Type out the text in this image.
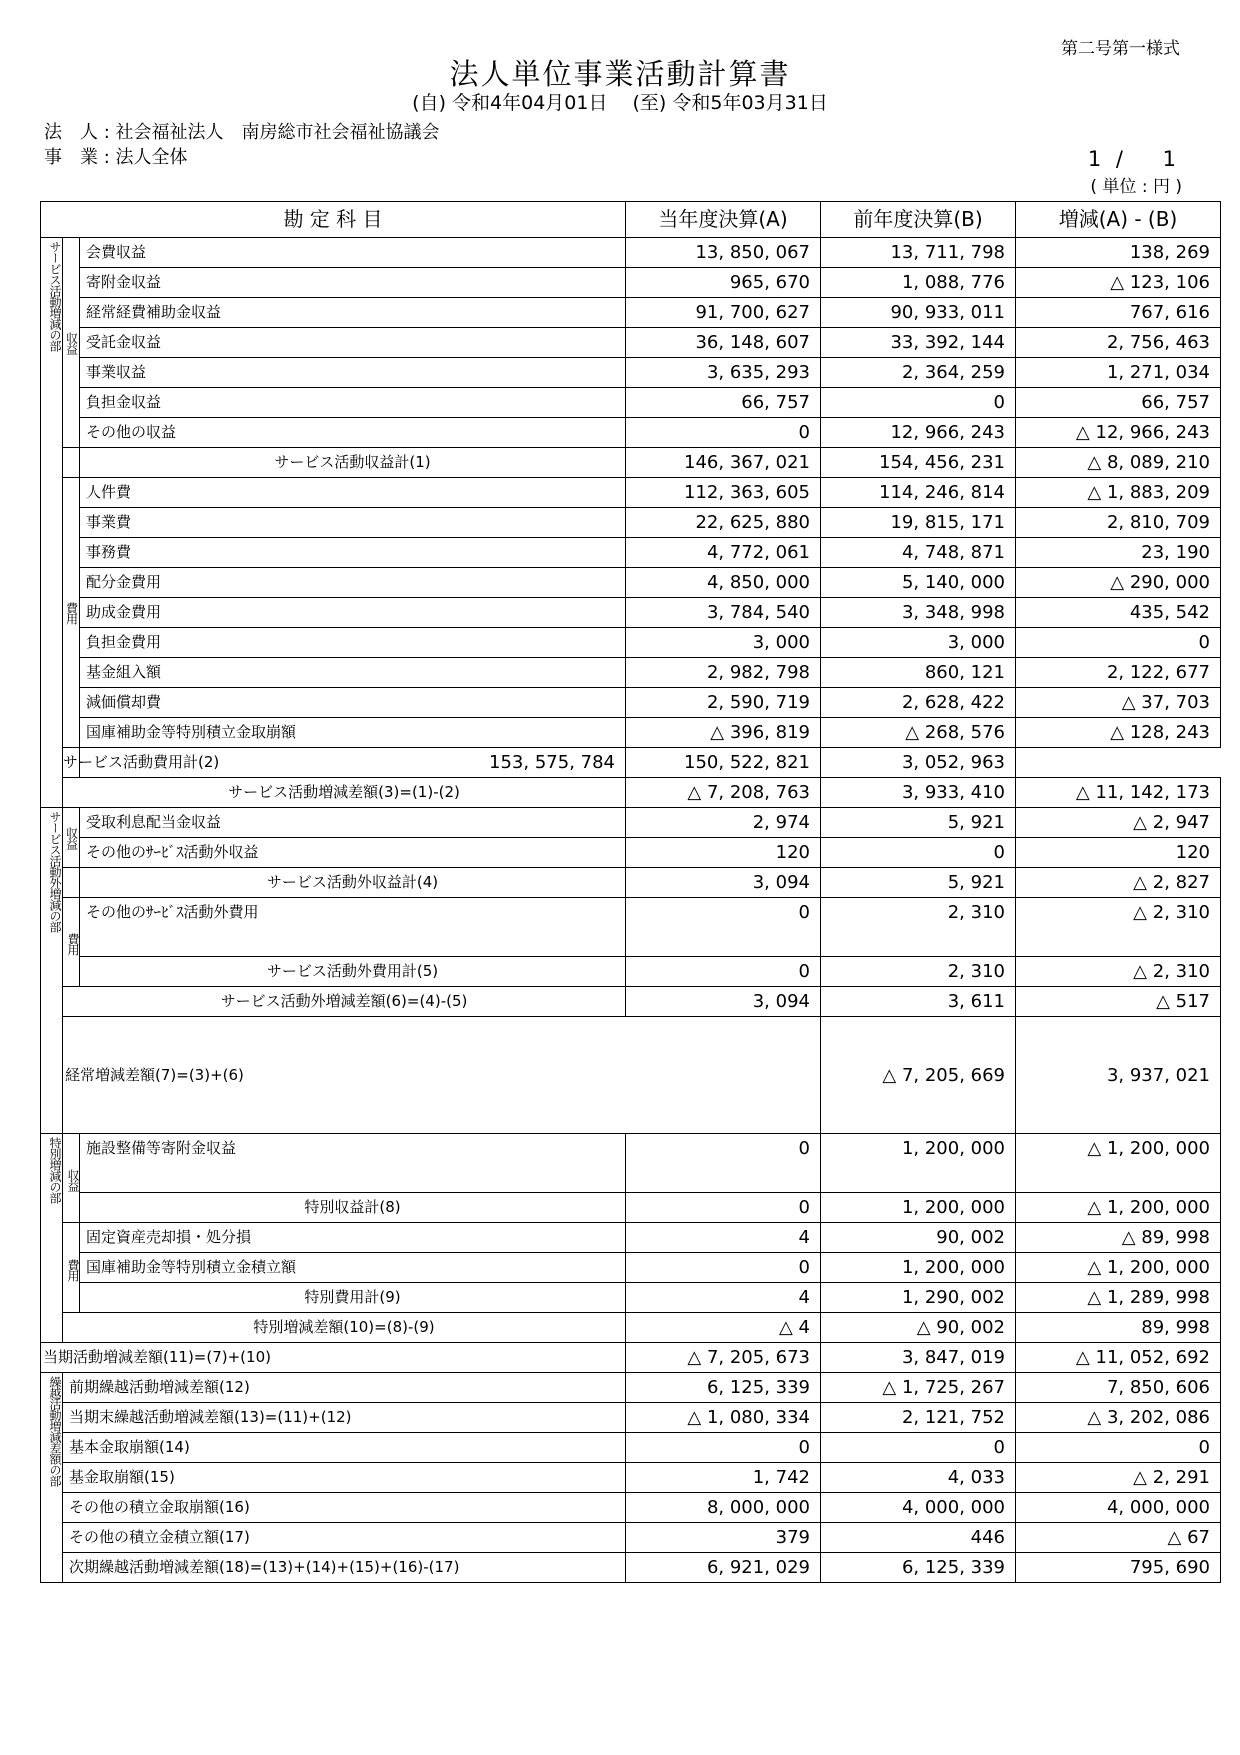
第二号第一様式
法人単位事業活動計算書
(自) 令和4年04月01日　 (至) 令和5年03月31日
法　人 : 社会福祉法人　南房総市社会福祉協議会
事　業 : 法人全体	1 /　 1
( 単位 : 円 )
勘 定 科 目			当年度決算(A)	前年度決算(B)	増減(A) - (B)	
サービス活動増減の部	収益	会費収益	13, 850, 067	13, 711, 798	138, 269	
		寄附金収益	965, 670	1, 088, 776	△ 123, 106	
		経常経費補助金収益	91, 700, 627	90, 933, 011	767, 616	
		受託金収益	36, 148, 607	33, 392, 144	2, 756, 463	
		事業収益	3, 635, 293	2, 364, 259	1, 271, 034	
		負担金収益	66, 757	0	66, 757	
		その他の収益	0	12, 966, 243	△ 12, 966, 243	
		サービス活動収益計(1)	146, 367, 021	154, 456, 231	△ 8, 089, 210	
	費用	人件費	112, 363, 605	114, 246, 814	△ 1, 883, 209	
		事業費	22, 625, 880	19, 815, 171	2, 810, 709	
		事務費	4, 772, 061	4, 748, 871	23, 190	
		配分金費用	4, 850, 000	5, 140, 000	△ 290, 000	
		助成金費用	3, 784, 540	3, 348, 998	435, 542	
		負担金費用	3, 000	3, 000	0	
		基金組入額	2, 982, 798	860, 121	2, 122, 677	
		減価償却費	2, 590, 719	2, 628, 422	△ 37, 703	
		国庫補助金等特別積立金取崩額	△ 396, 819	△ 268, 576	△ 128, 243	
	サービス活動費用計(2)	153, 575, 784	150, 522, 821	3, 052, 963		
	サービス活動増減差額(3)=(1)-(2)		△ 7, 208, 763	3, 933, 410	△ 11, 142, 173	
サービス活動外増減の部	収益	受取利息配当金収益	2, 974	5, 921	△ 2, 947	
		その他のｻｰﾋﾞｽ活動外収益	120	0	120	
		サービス活動外収益計(4)	3, 094	5, 921	△ 2, 827	
	費用	その他のｻｰﾋﾞｽ活動外費用	0	2, 310	△ 2, 310	
		サービス活動外費用計(5)	0	2, 310	△ 2, 310	
	サービス活動外増減差額(6)=(4)-(5)		3, 094	3, 611	△ 517	
	経常増減差額(7)=(3)+(6)			△ 7, 205, 669	3, 937, 021	
特別増減の部	収益	施設整備等寄附金収益	0	1, 200, 000	△ 1, 200, 000	
		特別収益計(8)	0	1, 200, 000	△ 1, 200, 000	
	費用	固定資産売却損・処分損	4	90, 002	△ 89, 998	
		国庫補助金等特別積立金積立額	0	1, 200, 000	△ 1, 200, 000	
		特別費用計(9)	4	1, 290, 002	△ 1, 289, 998	
	特別増減差額(10)=(8)-(9)		△ 4	△ 90, 002	89, 998	
当期活動増減差額(11)=(7)+(10)			△ 7, 205, 673	3, 847, 019	△ 11, 052, 692	
繰越活動増減差額の部	前期繰越活動増減差額(12)		6, 125, 339	△ 1, 725, 267	7, 850, 606	
	当期末繰越活動増減差額(13)=(11)+(12)		△ 1, 080, 334	2, 121, 752	△ 3, 202, 086	
	基本金取崩額(14)		0	0	0	
	基金取崩額(15)		1, 742	4, 033	△ 2, 291	
	その他の積立金取崩額(16)		8, 000, 000	4, 000, 000	4, 000, 000	
	その他の積立金積立額(17)		379	446	△ 67	
	次期繰越活動増減差額(18)=(13)+(14)+(15)+(16)-(17)		6, 921, 029	6, 125, 339	795, 690	
